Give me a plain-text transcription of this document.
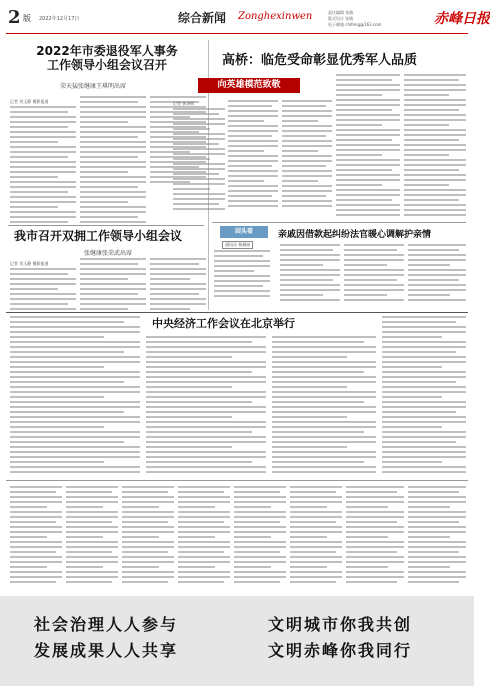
2 版 2022年12月17日	综合新闻 Zonghexinwen	责任编辑 张敏
版式设计 张敏
电子邮箱 chifeng@163.com	赤峰日报
2022年市委退役军人事务
工作领导小组会议召开
荣天猛张继康王琪明出席
记者 刘玉静 摄影报道
我市召开双拥工作领导小组会议
张继康张荣武出席
记者 刘玉静 摄影报道
高桥：临危受命彰显优秀军人品质
向英雄模范致敬
记者 孙泽辉
回头看
通讯员 杨雅丽
亲戚因借款起纠纷法官暖心调解护亲情
中央经济工作会议在北京举行
社会治理人人参与
发展成果人人共享
文明城市你我共创
文明赤峰你我同行
